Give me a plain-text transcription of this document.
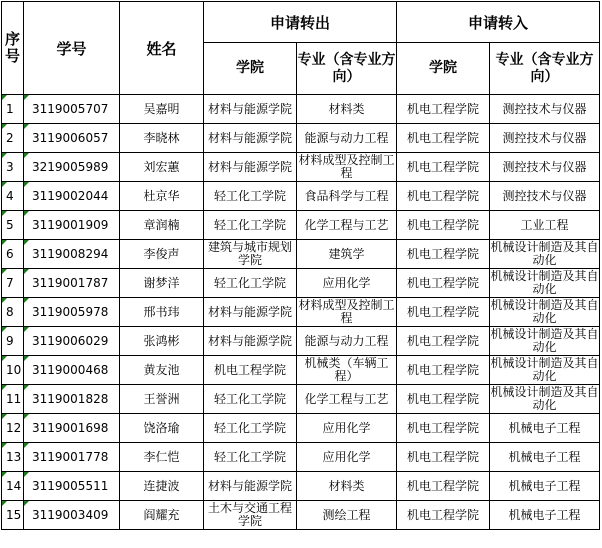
序号	学号	姓名	申请转出		申请转入	
			学院	专业（含专业方向）	学院	专业（含专业方向）

1	3119005707	吴嘉明	材料与能源学院	材料类	机电工程学院	测控技术与仪器

2	3119006057	李晓林	材料与能源学院	能源与动力工程	机电工程学院	测控技术与仪器

3	3219005989	刘宏蕙	材料与能源学院	材料成型及控制工程	机电工程学院	测控技术与仪器

4	3119002044	杜京华	轻工化工学院	食品科学与工程	机电工程学院	测控技术与仪器

5	3119001909	章润楠	轻工化工学院	化学工程与工艺	机电工程学院	工业工程

6	3119008294	李俊声	建筑与城市规划学院	建筑学	机电工程学院	机械设计制造及其自动化

7	3119001787	谢梦洋	轻工化工学院	应用化学	机电工程学院	机械设计制造及其自动化

8	3119005978	邢书玮	材料与能源学院	材料成型及控制工程	机电工程学院	机械设计制造及其自动化

9	3119006029	张鸿彬	材料与能源学院	能源与动力工程	机电工程学院	机械设计制造及其自动化

10	3119000468	黄友池	机电工程学院	机械类（车辆工程）	机电工程学院	机械设计制造及其自动化

11	3119001828	王誉洲	轻工化工学院	化学工程与工艺	机电工程学院	机械设计制造及其自动化

12	3119001698	饶洛瑜	轻工化工学院	应用化学	机电工程学院	机械电子工程

13	3119001778	李仁恺	轻工化工学院	应用化学	机电工程学院	机械电子工程

14	3119005511	连捷波	材料与能源学院	材料类	机电工程学院	机械电子工程

15	3119003409	阎耀充	土木与交通工程学院	测绘工程	机电工程学院	机械电子工程
